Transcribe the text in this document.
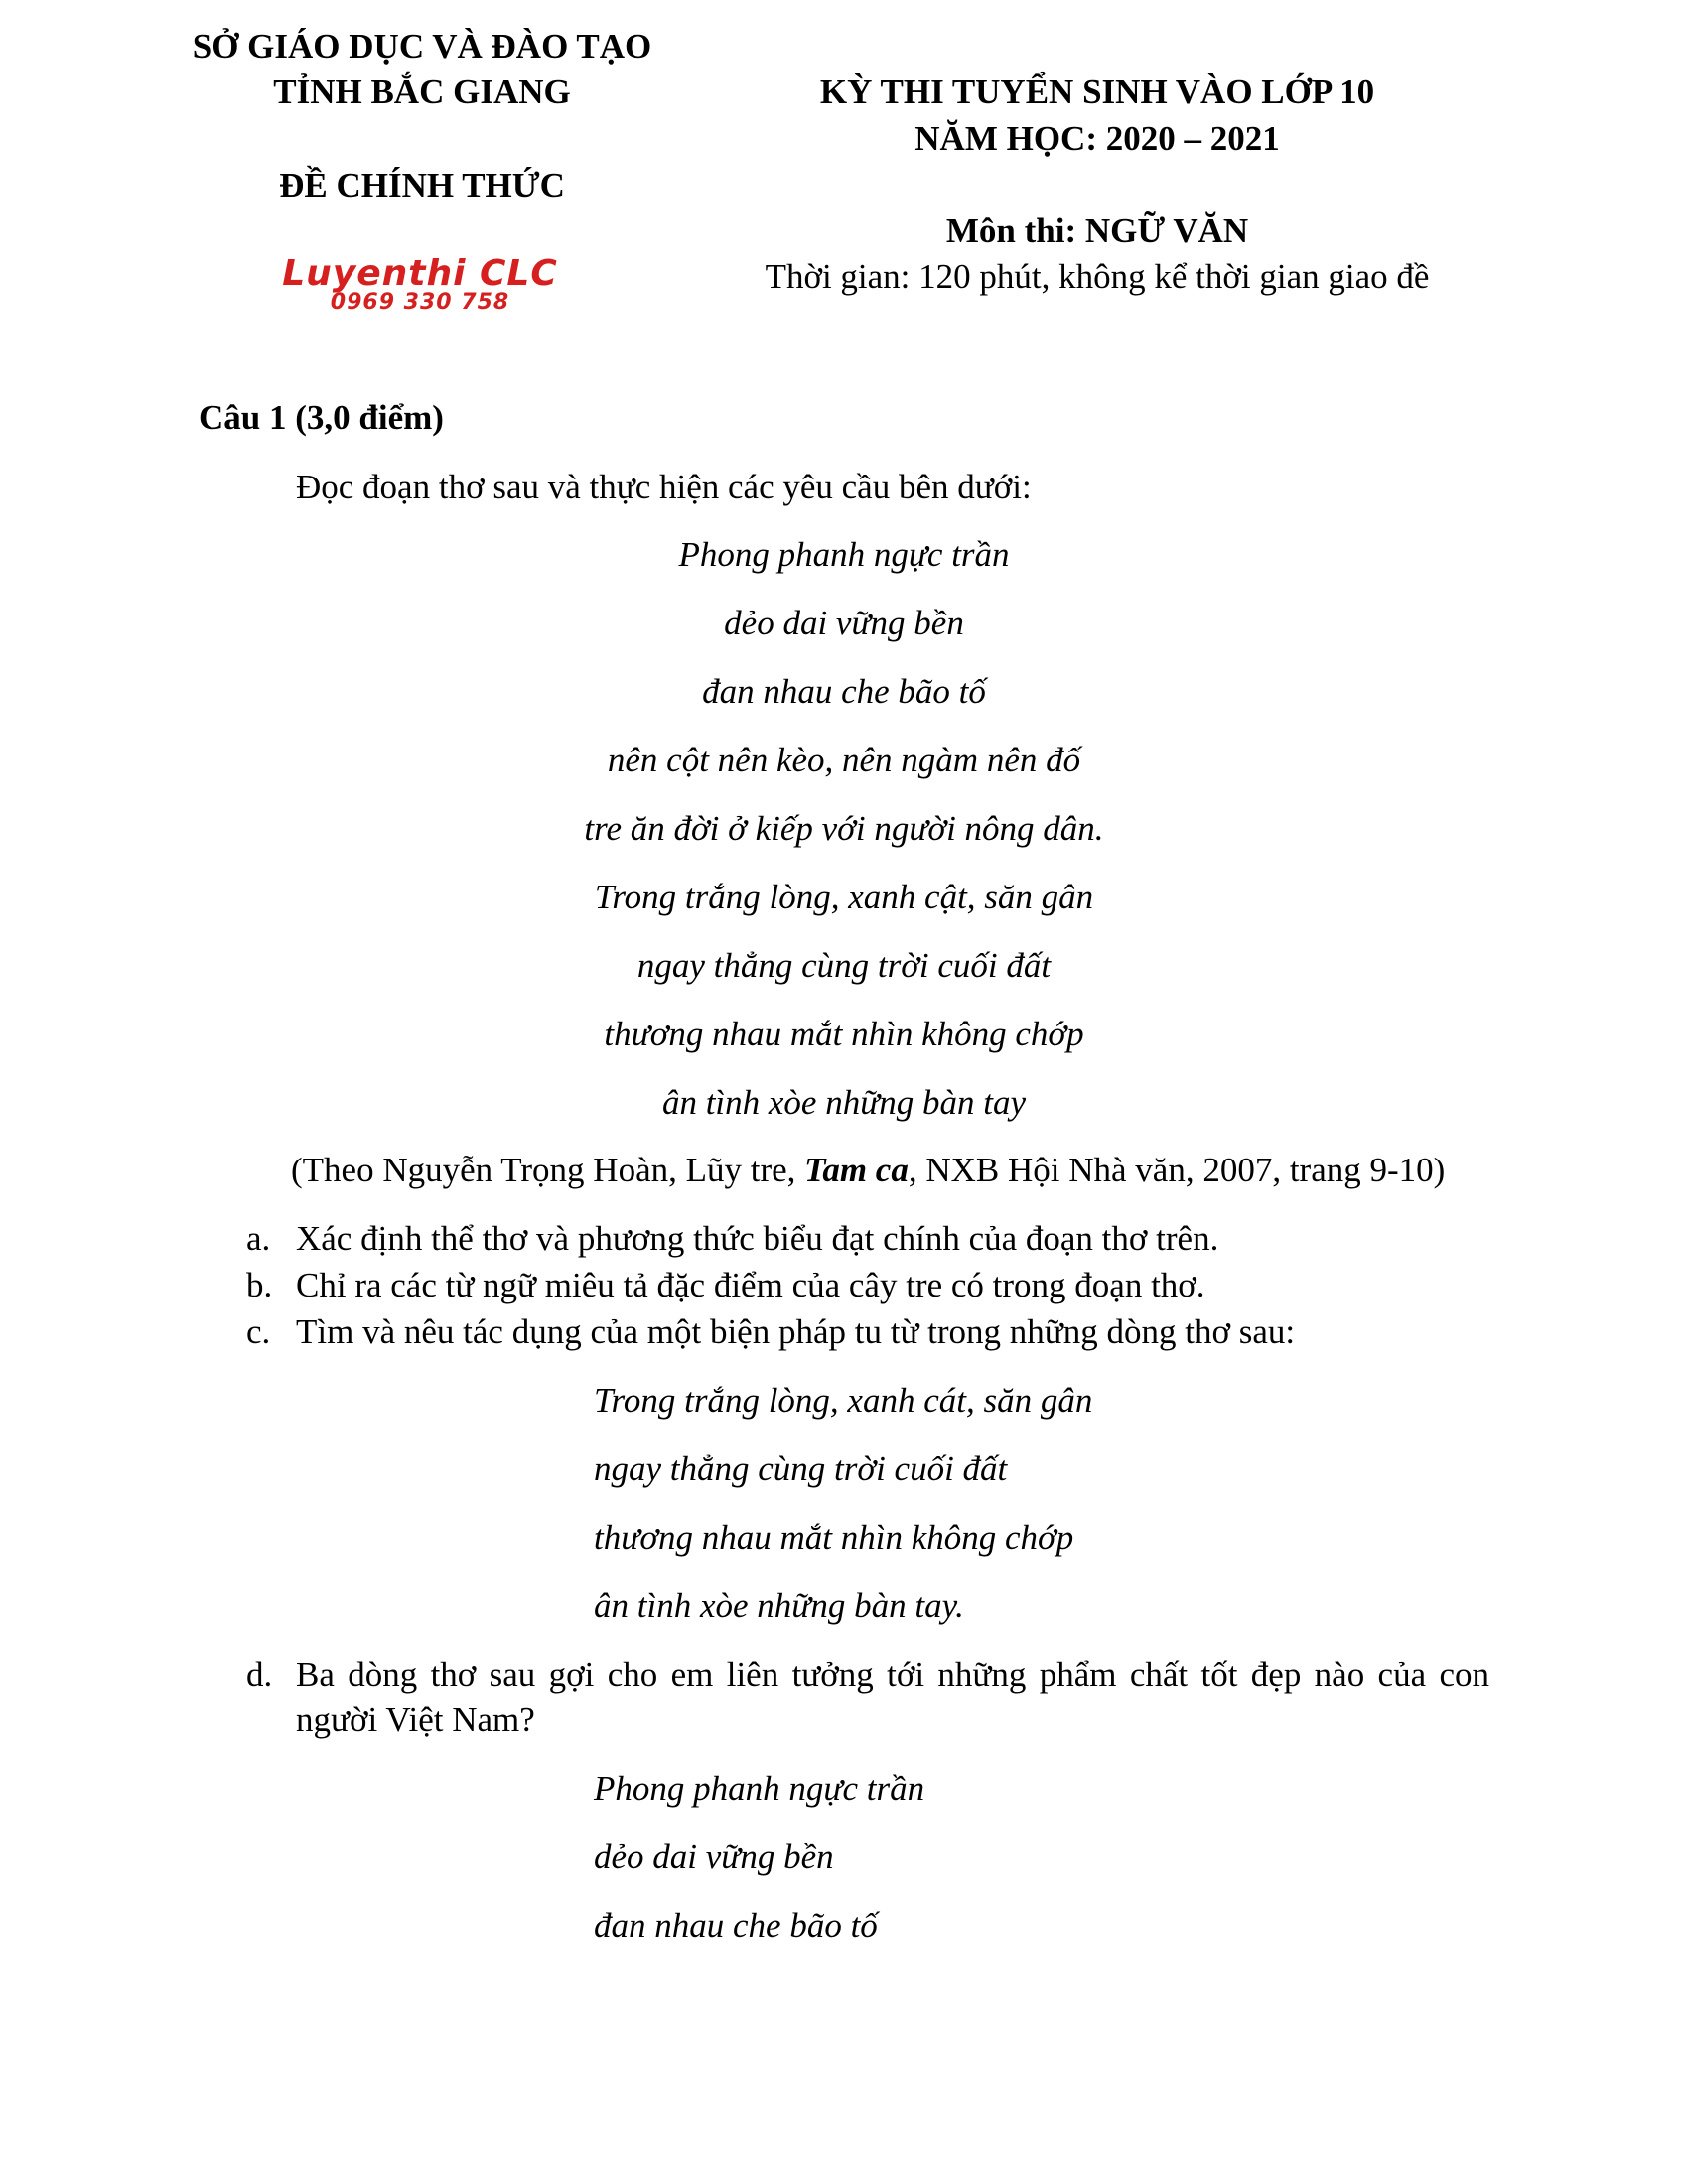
SỞ GIÁO DỤC VÀ ĐÀO TẠO
TỈNH BẮC GIANG
ĐỀ CHÍNH THỨC
Luyenthi CLC
0969 330 758
KỲ THI TUYỂN SINH VÀO LỚP 10
NĂM HỌC: 2020 – 2021
Môn thi: NGỮ VĂN
Thời gian: 120 phút, không kể thời gian giao đề
Câu 1 (3,0 điểm)
Đọc đoạn thơ sau và thực hiện các yêu cầu bên dưới:
Phong phanh ngực trần
dẻo dai vững bền
đan nhau che bão tố
nên cột nên kèo, nên ngàm nên đố
tre ăn đời ở kiếp với người nông dân.
Trong trắng lòng, xanh cật, săn gân
ngay thẳng cùng trời cuối đất
thương nhau mắt nhìn không chớp
ân tình xòe những bàn tay
(Theo Nguyễn Trọng Hoàn, Lũy tre, Tam ca, NXB Hội Nhà văn, 2007, trang 9-10)
a. Xác định thể thơ và phương thức biểu đạt chính của đoạn thơ trên.
b. Chỉ ra các từ ngữ miêu tả đặc điểm của cây tre có trong đoạn thơ.
c. Tìm và nêu tác dụng của một biện pháp tu từ trong những dòng thơ sau:
Trong trắng lòng, xanh cát, săn gân
ngay thẳng cùng trời cuối đất
thương nhau mắt nhìn không chớp
ân tình xòe những bàn tay.
d. Ba dòng thơ sau gợi cho em liên tưởng tới những phẩm chất tốt đẹp nào của con
người Việt Nam?
Phong phanh ngực trần
dẻo dai vững bền
đan nhau che bão tố
